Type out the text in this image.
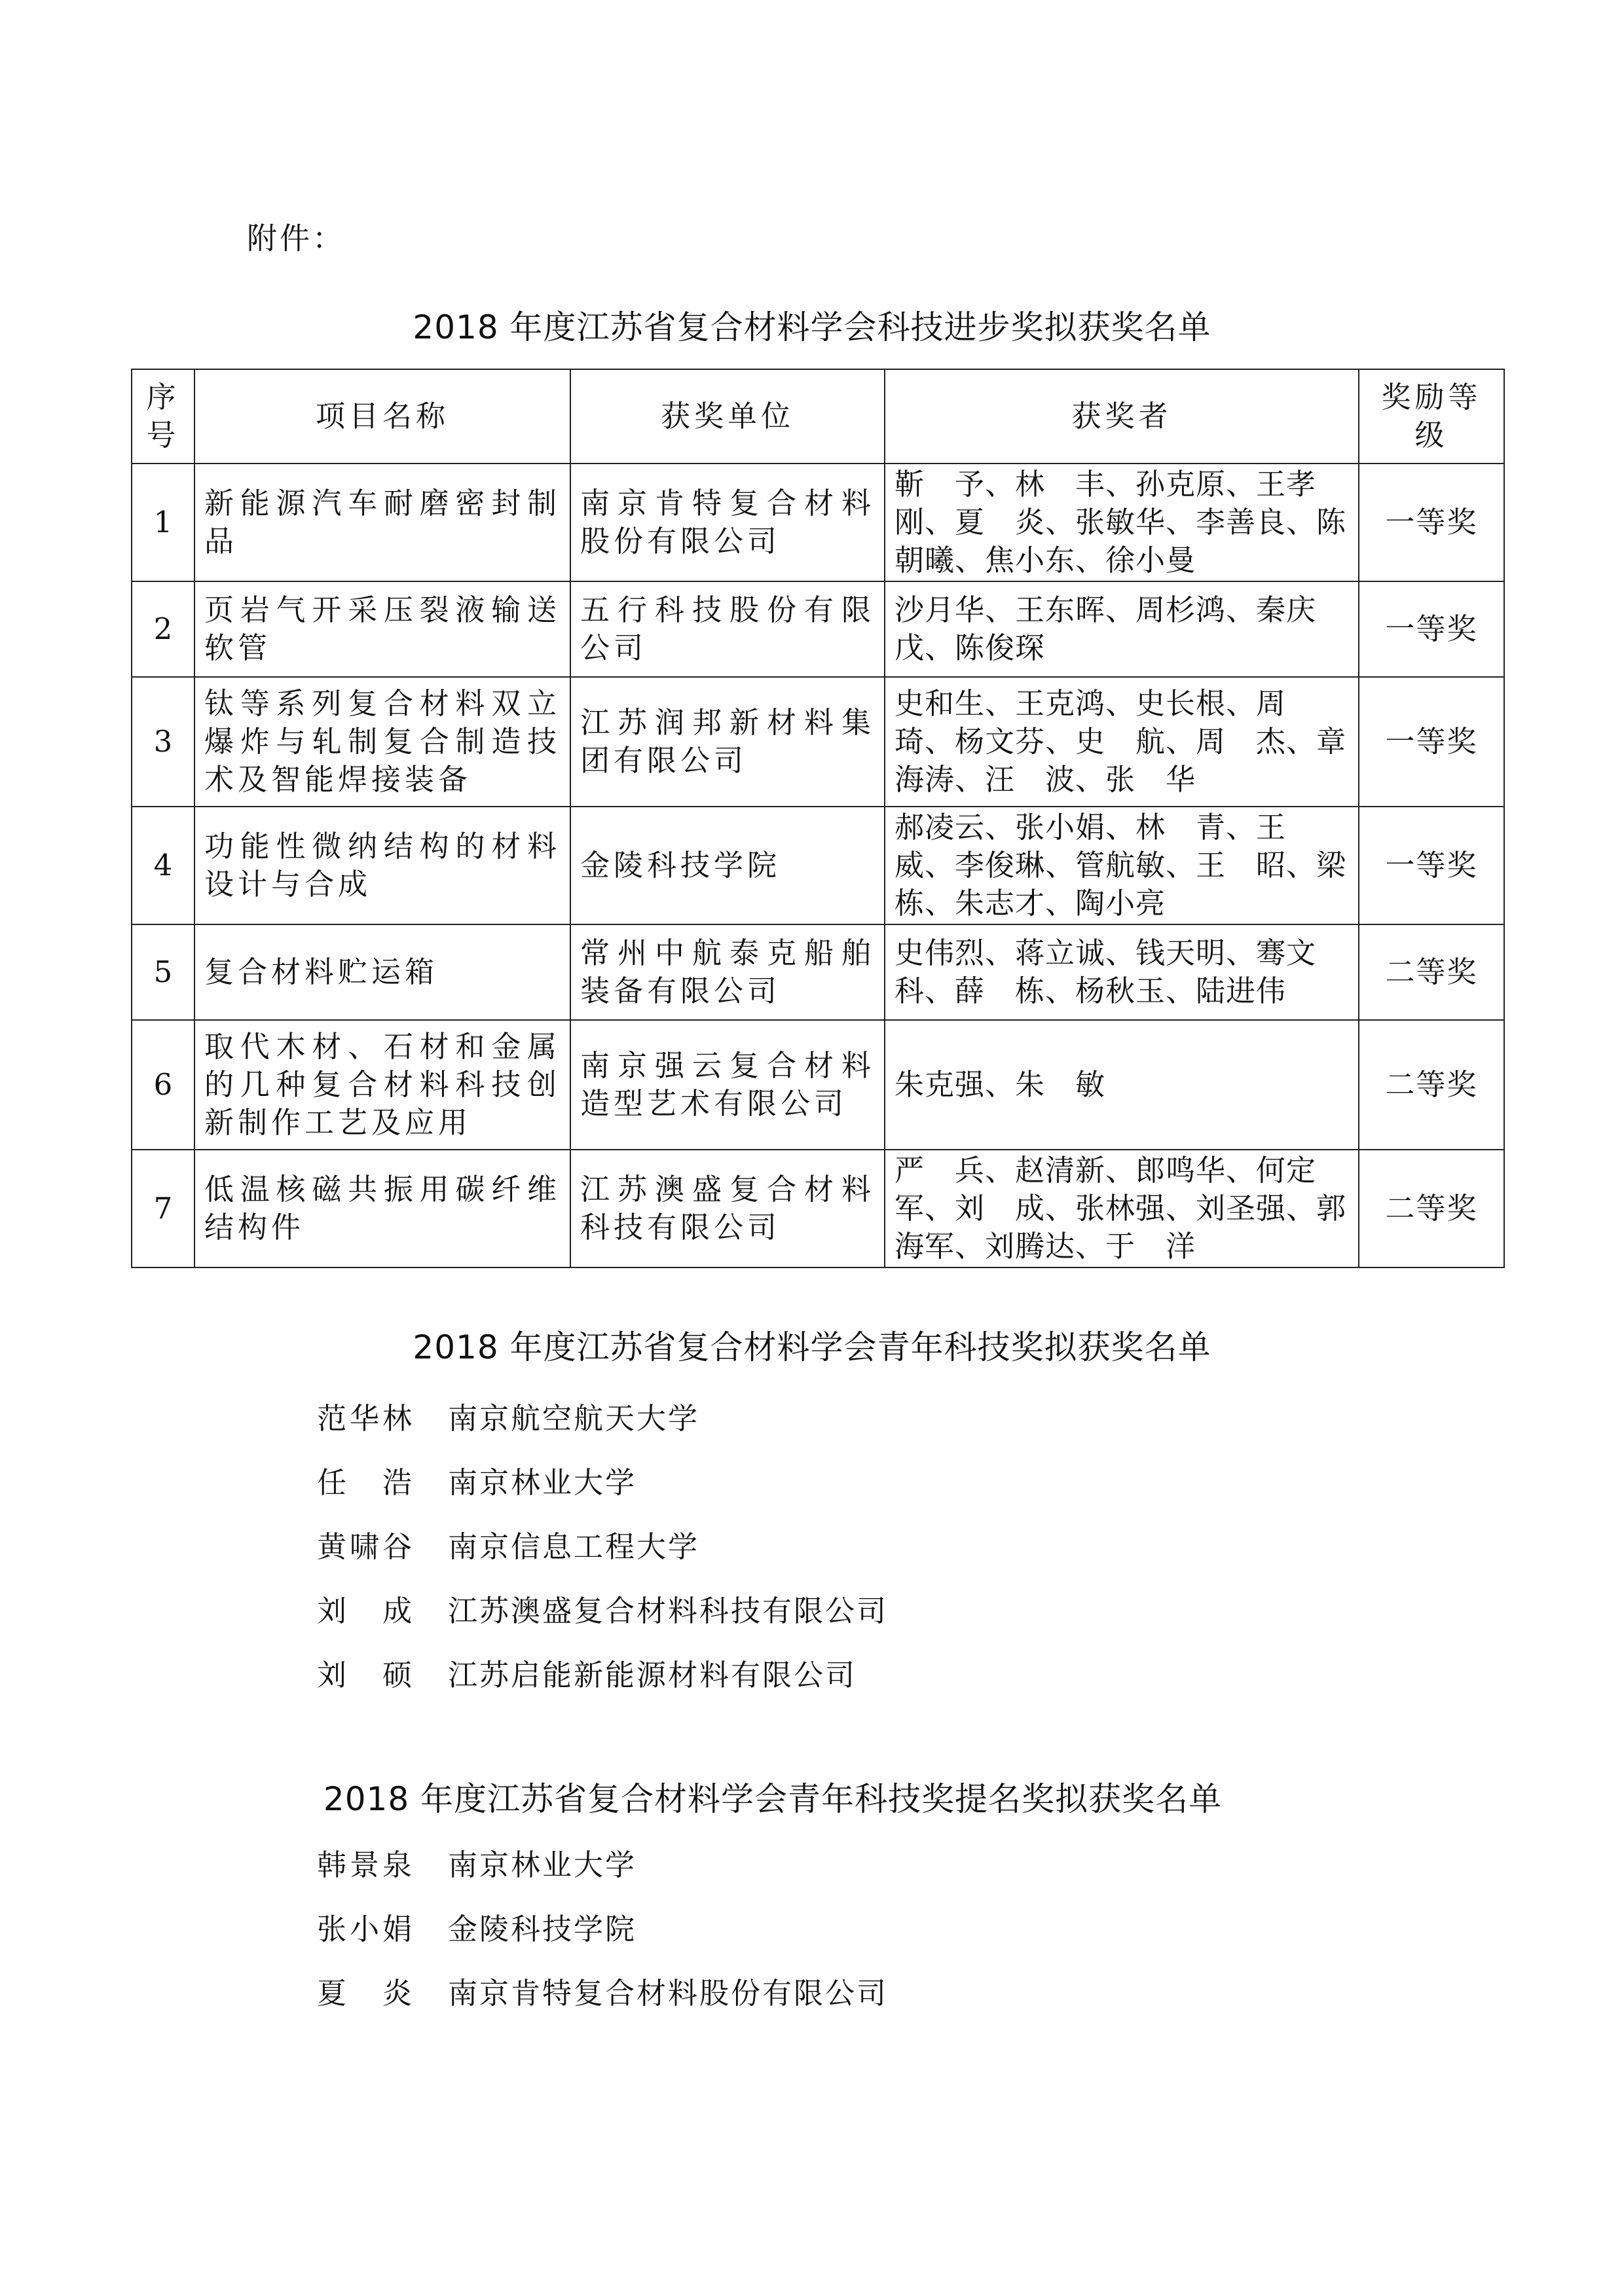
附件：
2018 年度江苏省复合材料学会科技进步奖拟获奖名单
序号	项目名称	获奖单位	获奖者	奖励等级
1	新能源汽车耐磨密封制品	南京肯特复合材料股份有限公司	靳　予、林　丰、孙克原、王孝刚、夏　炎、张敏华、李善良、陈朝曦、焦小东、徐小曼	一等奖
2	页岩气开采压裂液输送软管	五行科技股份有限公司	沙月华、王东晖、周杉鸿、秦庆戊、陈俊琛	一等奖
3	钛等系列复合材料双立爆炸与轧制复合制造技术及智能焊接装备	江苏润邦新材料集团有限公司	史和生、王克鸿、史长根、周　琦、杨文芬、史　航、周　杰、章海涛、汪　波、张　华	一等奖
4	功能性微纳结构的材料设计与合成	金陵科技学院	郝凌云、张小娟、林　青、王　威、李俊琳、管航敏、王　昭、梁　栋、朱志才、陶小亮	一等奖
5	复合材料贮运箱	常州中航泰克船舶装备有限公司	史伟烈、蒋立诚、钱天明、骞文科、薛　栋、杨秋玉、陆进伟	二等奖
6	取代木材、石材和金属的几种复合材料科技创新制作工艺及应用	南京强云复合材料造型艺术有限公司	朱克强、朱　敏	二等奖
7	低温核磁共振用碳纤维结构件	江苏澳盛复合材料科技有限公司	严　兵、赵清新、郎鸣华、何定军、刘　成、张林强、刘圣强、郭海军、刘腾达、于　洋	二等奖
2018 年度江苏省复合材料学会青年科技奖拟获奖名单
范华林	南京航空航天大学
任　浩	南京林业大学
黄啸谷	南京信息工程大学
刘　成	江苏澳盛复合材料科技有限公司
刘　硕	江苏启能新能源材料有限公司
2018 年度江苏省复合材料学会青年科技奖提名奖拟获奖名单
韩景泉	南京林业大学
张小娟	金陵科技学院
夏　炎	南京肯特复合材料股份有限公司
